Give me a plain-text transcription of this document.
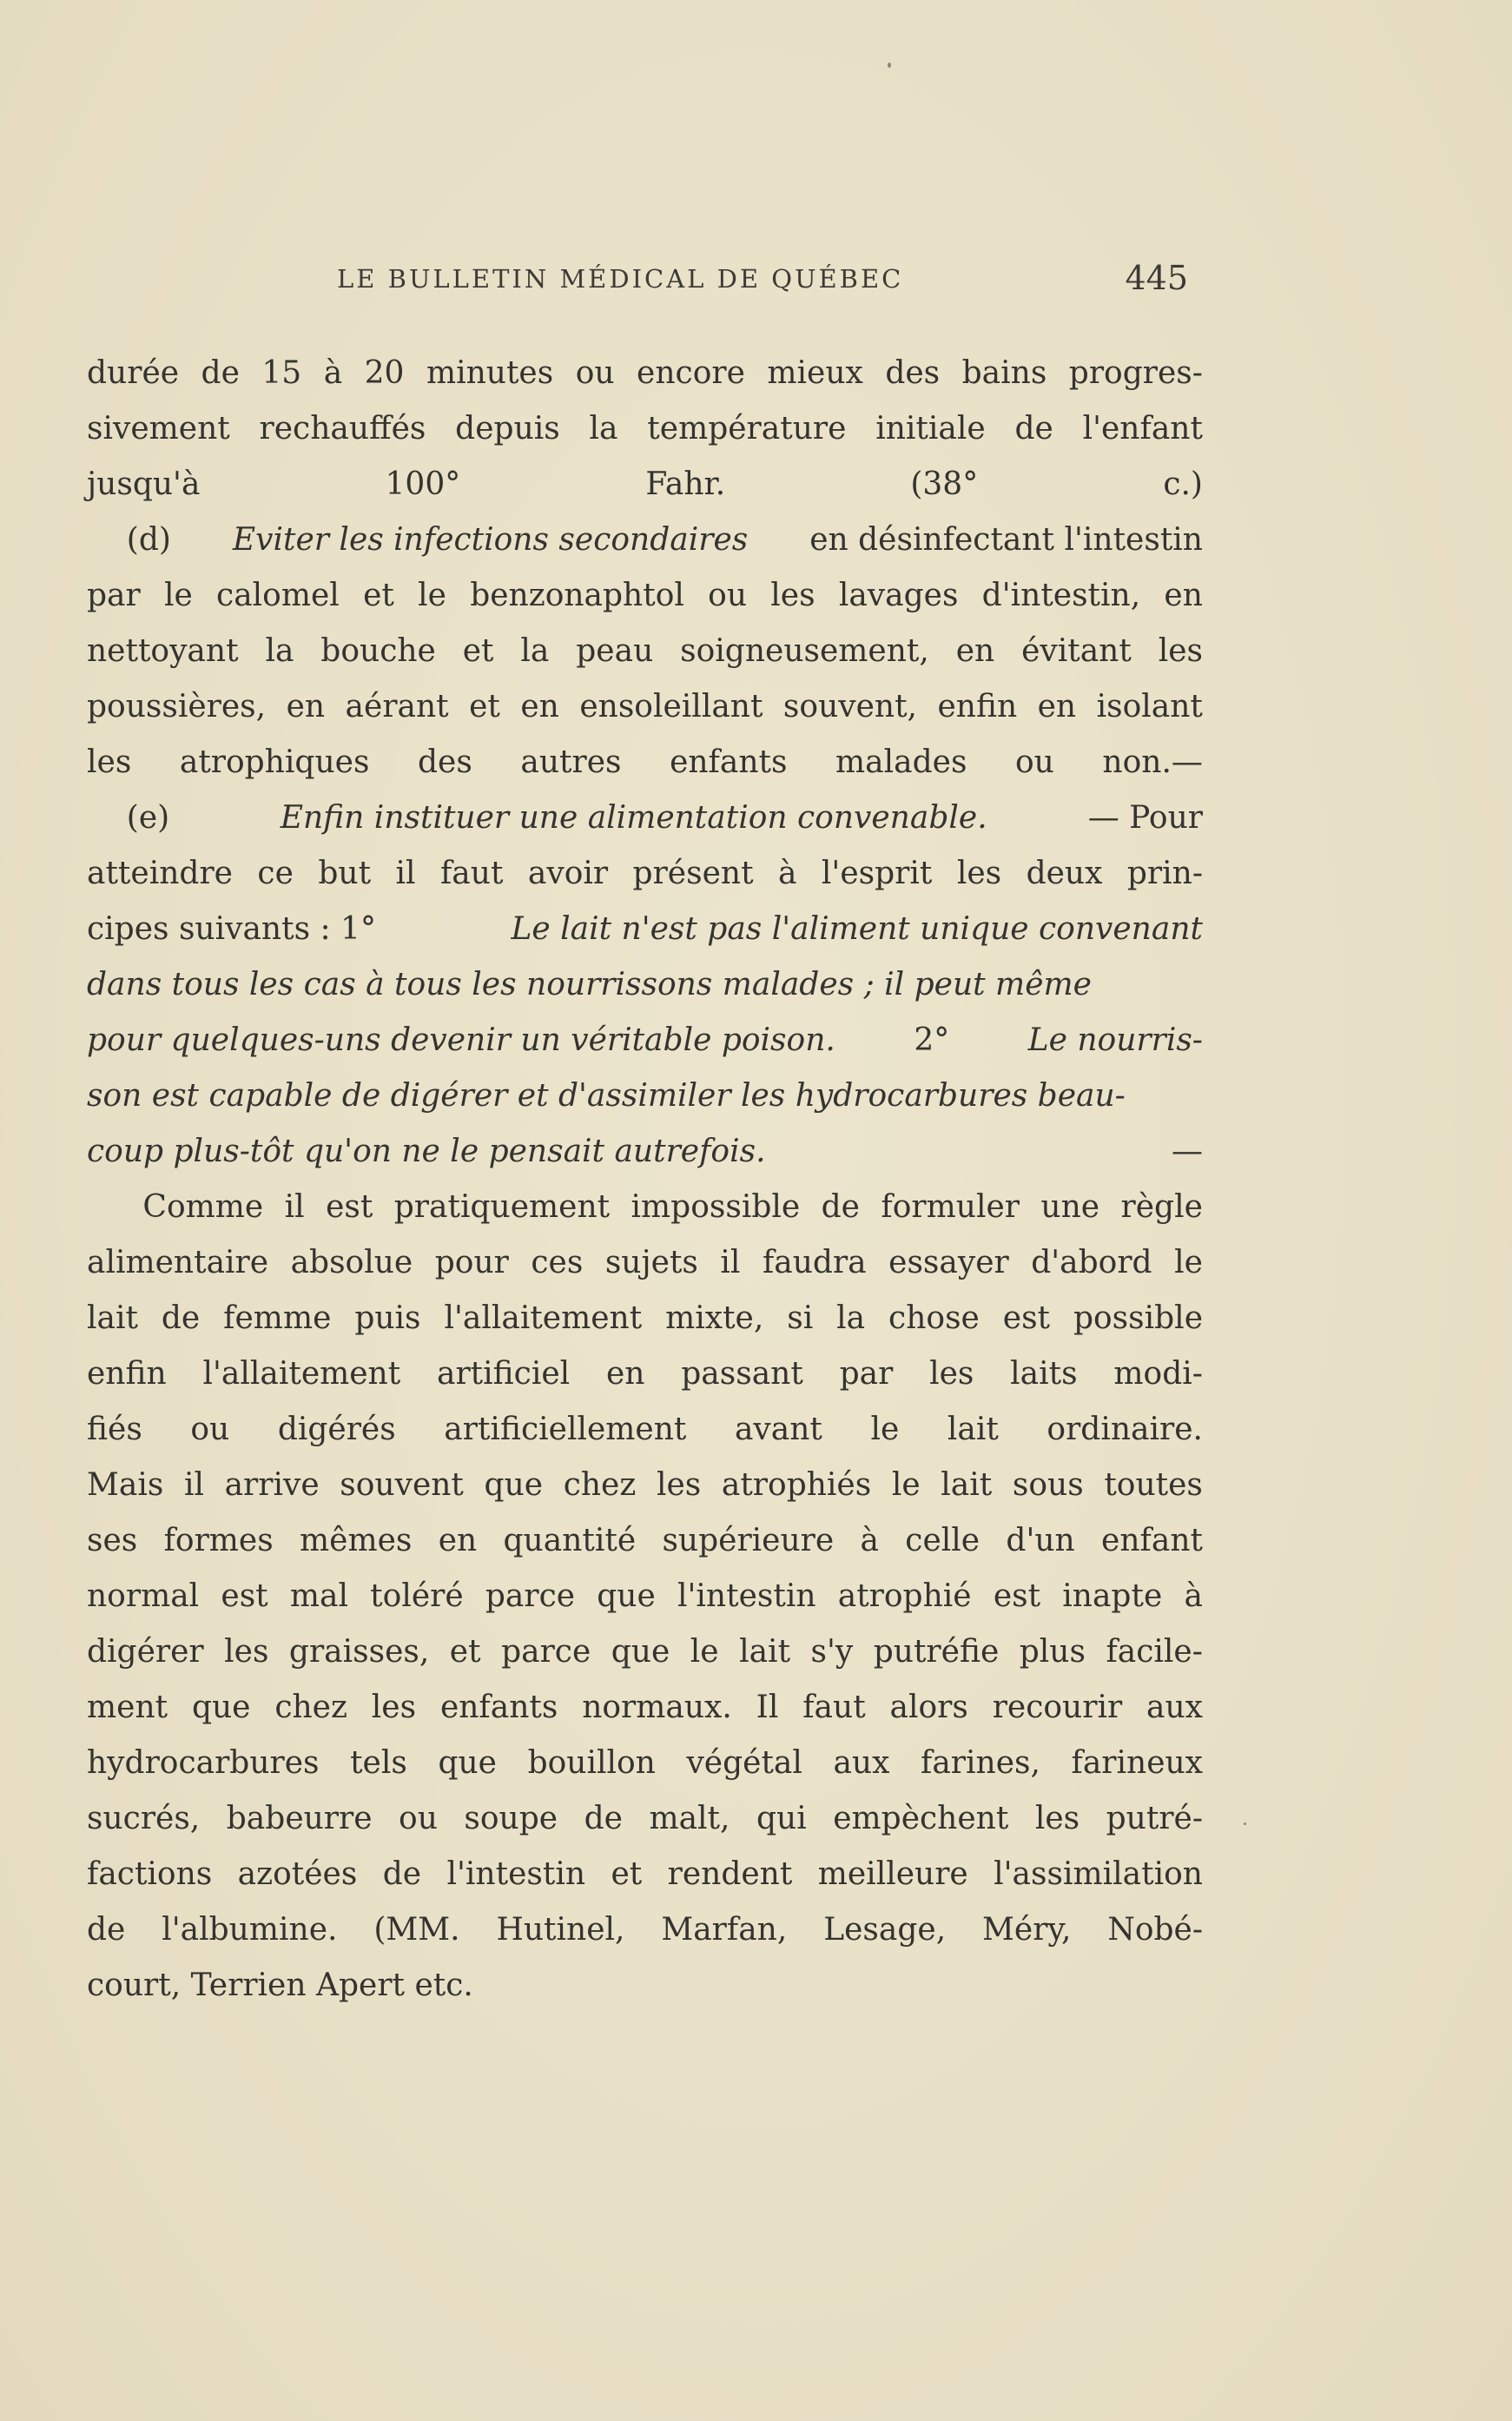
LE BULLETIN MÉDICAL DE QUÉBEC	445
durée de 15 à 20 minutes ou encore mieux des bains progres-
sivement rechauffés depuis la température initiale de l'enfant
jusqu'à	100°	Fahr.	(38°	c.)
(d) Eviter les infections secondaires en désinfectant l'intestin
par le calomel et le benzonaphtol ou les lavages d'intestin, en
nettoyant la bouche et la peau soigneusement, en évitant les
poussières, en aérant et en ensoleillant souvent, enfin en isolant
les atrophiques des autres enfants malades ou non.—
(e)	Enfin instituer une alimentation convenable.	— Pour
atteindre ce but il faut avoir présent à l'esprit les deux prin-
cipes suivants : 1°	Le lait n'est pas l'aliment unique convenant
dans tous les cas à tous les nourrissons malades ; il peut même
pour quelques-uns devenir un véritable poison. 2° Le nourris-
son est capable de digérer et d'assimiler les hydrocarbures beau-
coup plus-tôt qu'on ne le pensait autrefois.	—
Comme il est pratiquement impossible de formuler une règle
alimentaire absolue pour ces sujets il faudra essayer d'abord le
lait de femme puis l'allaitement mixte, si la chose est possible
enfin l'allaitement artificiel en passant par les laits modi-
fiés ou digérés artificiellement avant le lait ordinaire.
Mais il arrive souvent que chez les atrophiés le lait sous toutes
ses formes mêmes en quantité supérieure à celle d'un enfant
normal est mal toléré parce que l'intestin atrophié est inapte à
digérer les graisses, et parce que le lait s'y putréfie plus facile-
ment que chez les enfants normaux. Il faut alors recourir aux
hydrocarbures tels que bouillon végétal aux farines, farineux
sucrés, babeurre ou soupe de malt, qui empèchent les putré-
factions azotées de l'intestin et rendent meilleure l'assimilation
de l'albumine. (MM. Hutinel, Marfan, Lesage, Méry, Nobé-
court, Terrien Apert etc.
